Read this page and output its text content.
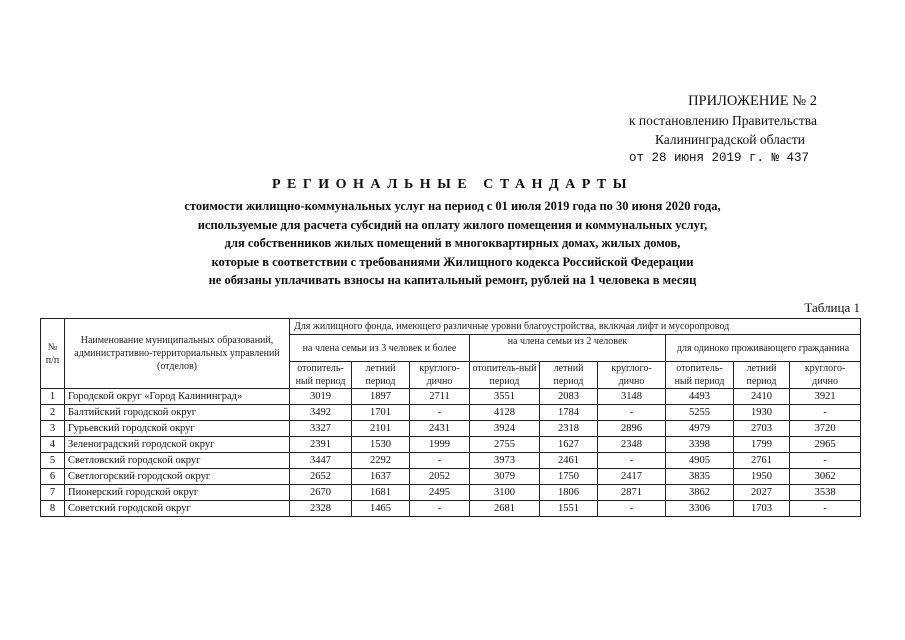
ПРИЛОЖЕНИЕ № 2
к постановлению Правительства
Калининградской области
от 28 июня 2019 г. № 437
РЕГИОНАЛЬНЫЕ СТАНДАРТЫ
стоимости жилищно-коммунальных услуг на период с 01 июля 2019 года по 30 июня 2020 года,
используемые для расчета субсидий на оплату жилого помещения и коммунальных услуг,
для собственников жилых помещений в многоквартирных домах, жилых домов,
которые в соответствии с требованиями Жилищного кодекса Российской Федерации
не обязаны уплачивать взносы на капитальный ремонт, рублей на 1 человека в месяц
Таблица 1
№ п/п	Наименование муниципальных образований, административно-территориальных управлений (отделов)	Для жилищного фонда, имеющего различные уровни благоустройства, включая лифт и мусоропровод								
		на члена семьи из 3 человек и более			на члена семьи из 2 человек			для одиноко проживающего гражданина		
		отопитель-ный период	летний период	круглого-дично	отопитель-ный период	летний период	круглого-дично	отопитель-ный период	летний период	круглого-дично
1	Городской округ «Город Калининград»	3019	1897	2711	3551	2083	3148	4493	2410	3921
2	Балтийский городской округ	3492	1701	-	4128	1784	-	5255	1930	-
3	Гурьевский городской округ	3327	2101	2431	3924	2318	2896	4979	2703	3720
4	Зеленоградский городской округ	2391	1530	1999	2755	1627	2348	3398	1799	2965
5	Светловский городской округ	3447	2292	-	3973	2461	-	4905	2761	-
6	Светлогорский городской округ	2652	1637	2052	3079	1750	2417	3835	1950	3062
7	Пионерский городской округ	2670	1681	2495	3100	1806	2871	3862	2027	3538
8	Советский городской округ	2328	1465	-	2681	1551	-	3306	1703	-
